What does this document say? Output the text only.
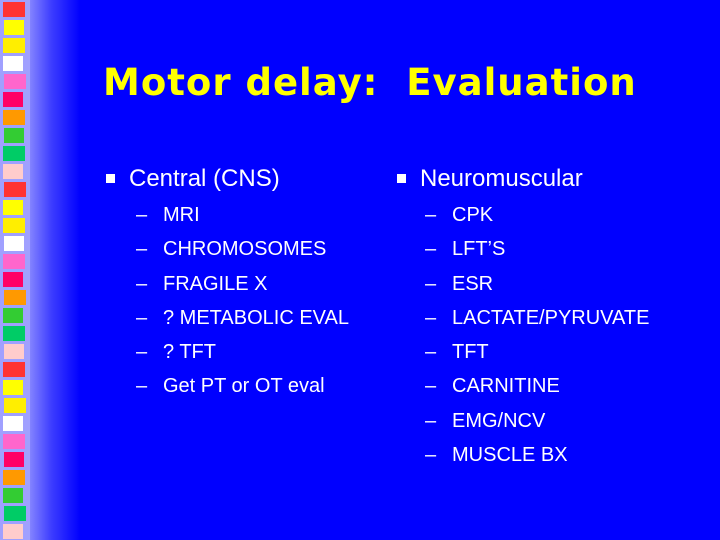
Motor delay:  Evaluation
Central (CNS)
– MRI
– CHROMOSOMES
– FRAGILE X
– ? METABOLIC EVAL
– ? TFT
– Get PT or OT eval
Neuromuscular
– CPK
– LFT’S
– ESR
– LACTATE/PYRUVATE
– TFT
– CARNITINE
– EMG/NCV
– MUSCLE BX
